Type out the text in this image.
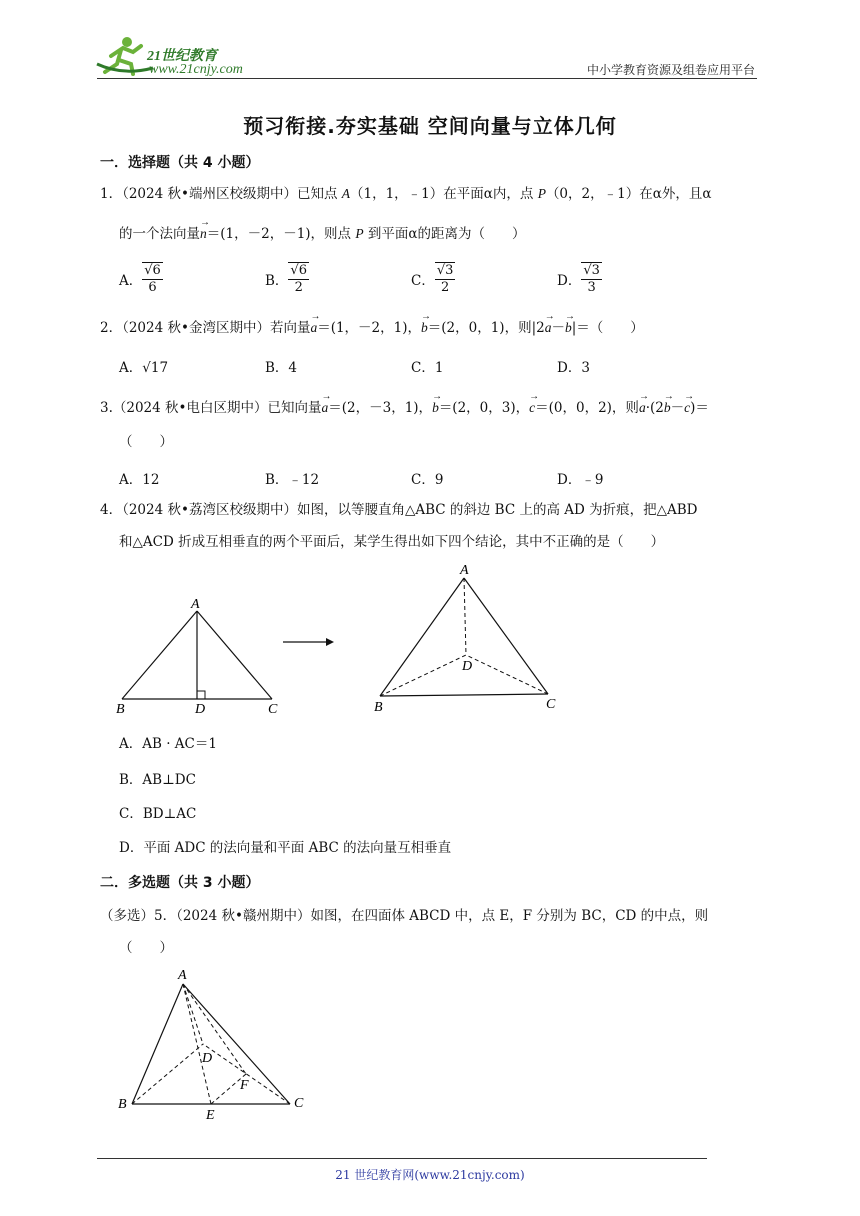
21世纪教育
www.21cnjy.com	中小学教育资源及组卷应用平台
预习衔接.夯实基础 空间向量与立体几何
一．选择题（共 4 小题）
1．（2024 秋•端州区校级期中）已知点 A（1，1，﹣1）在平面α内，点 P（0，2，﹣1）在α外，且α
的一个法向量→ n＝(1，－2，－1)，则点 P 到平面α的距离为（　　）
A． $\frac{√6}{6}$	B． $\frac{√6}{2}$	C． $\frac{√3}{2}$	D． $\frac{√3}{3}$
2．（2024 秋•金湾区期中）若向量→ a＝(1，－2，1)，→ b＝(2，0，1)，则|2→ a－→ b|＝（　　）
A．√17	B．4	C．1	D．3
3.（2024 秋•电白区期中）已知向量→ a＝(2，－3，1)，→ b＝(2，0，3)，→ c＝(0，0，2)，则→ a·(2→ b－→ c)＝
（　　）
A．12	B．﹣12	C．9	D．﹣9
4．（2024 秋•荔湾区校级期中）如图，以等腰直角△ABC 的斜边 BC 上的高 AD 为折痕，把△ABD
和△ACD 折成互相垂直的两个平面后，某学生得出如下四个结论，其中不正确的是（　　）
A
B	D	C
A
D
B	C
A．AB · AC＝1
B．AB⊥DC
C．BD⊥AC
D．平面 ADC 的法向量和平面 ABC 的法向量互相垂直
二．多选题（共 3 小题）
（多选）5．（2024 秋•赣州期中）如图，在四面体 ABCD 中，点 E，F 分别为 BC，CD 的中点，则
（　　）
A
D
F
B
E
C
21 世纪教育网(www.21cnjy.com)
